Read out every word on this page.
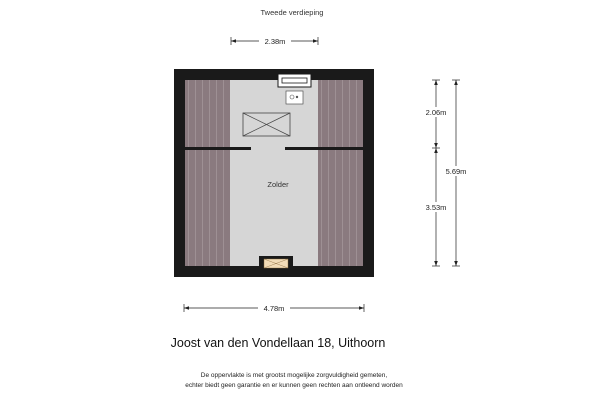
Tweede verdieping
2.38m
Zolder
4.78m
2.06m
3.53m
5.69m
Joost van den Vondellaan 18, Uithoorn
De oppervlakte is met grootst mogelijke zorgvuldigheid gemeten,
echter biedt geen garantie en er kunnen geen rechten aan ontleend worden
